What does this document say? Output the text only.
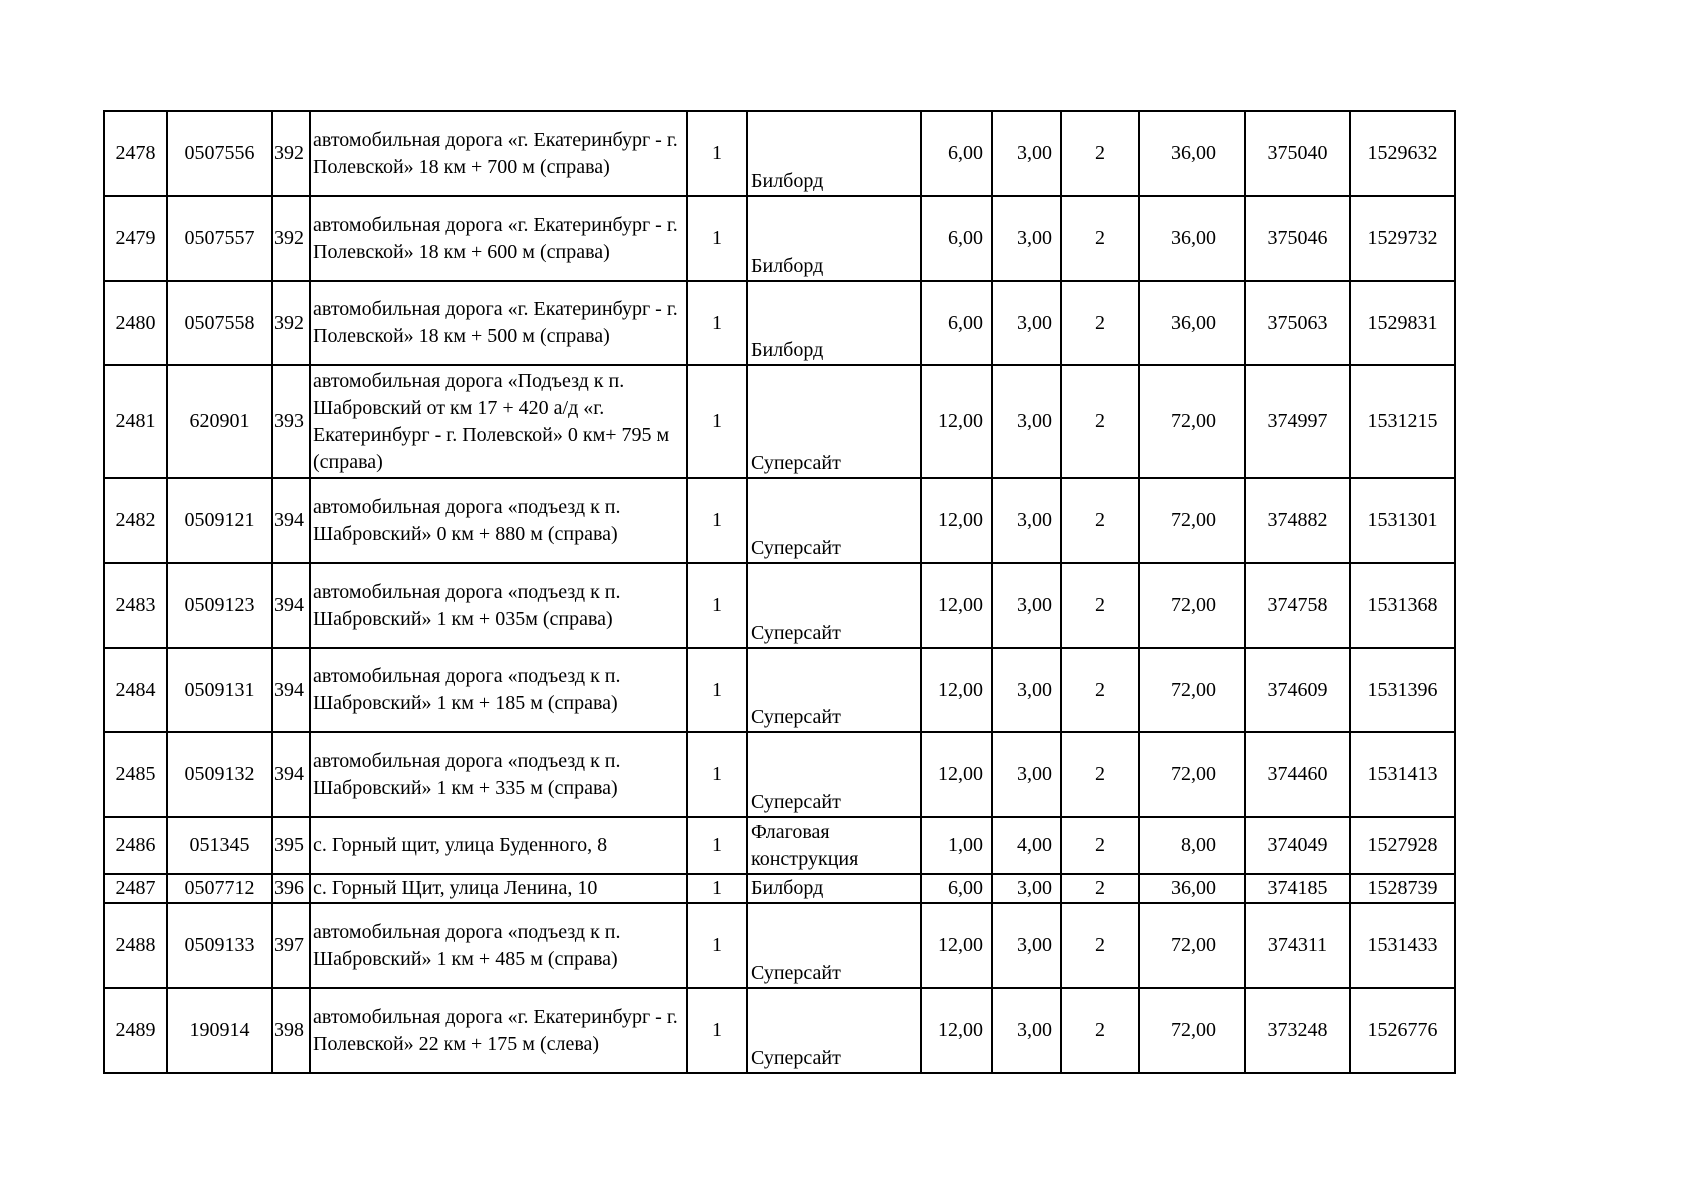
2478	0507556	392	автомобильная дорога «г. Екатеринбург - г. Полевской» 18 км + 700 м (справа)	1	Билборд	6,00	3,00	2	36,00	375040	1529632
2479	0507557	392	автомобильная дорога «г. Екатеринбург - г. Полевской» 18 км + 600 м (справа)	1	Билборд	6,00	3,00	2	36,00	375046	1529732
2480	0507558	392	автомобильная дорога «г. Екатеринбург - г. Полевской» 18 км + 500 м (справа)	1	Билборд	6,00	3,00	2	36,00	375063	1529831
2481	620901	393	автомобильная дорога «Подъезд к п. Шабровский от км 17 + 420 а/д «г. Екатеринбург - г. Полевской» 0 км+ 795 м (справа)	1	Суперсайт	12,00	3,00	2	72,00	374997	1531215
2482	0509121	394	автомобильная дорога «подъезд к п. Шабровский» 0 км + 880 м (справа)	1	Суперсайт	12,00	3,00	2	72,00	374882	1531301
2483	0509123	394	автомобильная дорога «подъезд к п. Шабровский» 1 км + 035м (справа)	1	Суперсайт	12,00	3,00	2	72,00	374758	1531368
2484	0509131	394	автомобильная дорога «подъезд к п. Шабровский» 1 км + 185 м (справа)	1	Суперсайт	12,00	3,00	2	72,00	374609	1531396
2485	0509132	394	автомобильная дорога «подъезд к п. Шабровский» 1 км + 335 м (справа)	1	Суперсайт	12,00	3,00	2	72,00	374460	1531413
2486	051345	395	с. Горный щит, улица Буденного, 8	1	Флаговая конструкция	1,00	4,00	2	8,00	374049	1527928
2487	0507712	396	с. Горный Щит, улица Ленина, 10	1	Билборд	6,00	3,00	2	36,00	374185	1528739
2488	0509133	397	автомобильная дорога «подъезд к п. Шабровский» 1 км + 485 м (справа)	1	Суперсайт	12,00	3,00	2	72,00	374311	1531433
2489	190914	398	автомобильная дорога «г. Екатеринбург - г. Полевской» 22 км + 175 м (слева)	1	Суперсайт	12,00	3,00	2	72,00	373248	1526776
